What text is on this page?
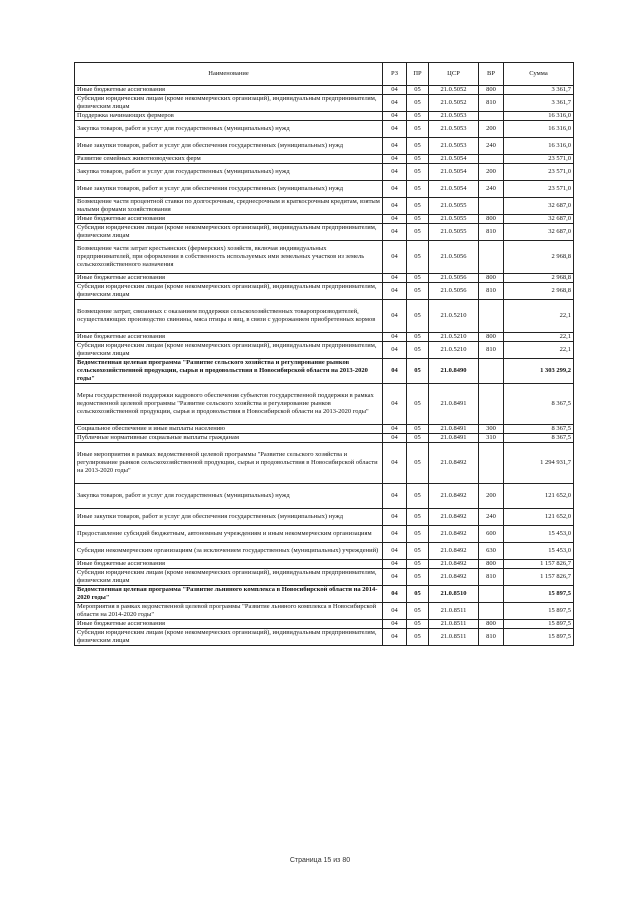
Наименование	РЗ	ПР	ЦСР	ВР	Сумма
Иные бюджетные ассигнования	04	05	21.0.5052	800	3 361,7
Субсидии юридическим лицам (кроме некоммерческих организаций), индивидуальным предпринимателям, физическим лицам	04	05	21.0.5052	810	3 361,7
Поддержка начинающих фермеров	04	05	21.0.5053		16 316,0
Закупка товаров, работ и услуг для государственных (муниципальных) нужд	04	05	21.0.5053	200	16 316,0
Иные закупки товаров, работ и услуг для обеспечения государственных (муниципальных) нужд	04	05	21.0.5053	240	16 316,0
Развитие семейных животноводческих ферм	04	05	21.0.5054		23 571,0
Закупка товаров, работ и услуг для государственных (муниципальных) нужд	04	05	21.0.5054	200	23 571,0
Иные закупки товаров, работ и услуг для обеспечения государственных (муниципальных) нужд	04	05	21.0.5054	240	23 571,0
Возмещение части процентной ставки по долгосрочным, среднесрочным и краткосрочным кредитам, взятым малыми формами хозяйствования	04	05	21.0.5055		32 687,0
Иные бюджетные ассигнования	04	05	21.0.5055	800	32 687,0
Субсидии юридическим лицам (кроме некоммерческих организаций), индивидуальным предпринимателям, физическим лицам	04	05	21.0.5055	810	32 687,0
Возмещение части затрат крестьянских (фермерских) хозяйств, включая индивидуальных предпринимателей, при оформлении в собственность используемых ими земельных участков из земель сельскохозяйственного назначения	04	05	21.0.5056		2 968,8
Иные бюджетные ассигнования	04	05	21.0.5056	800	2 968,8
Субсидии юридическим лицам (кроме некоммерческих организаций), индивидуальным предпринимателям, физическим лицам	04	05	21.0.5056	810	2 968,8
Возмещение затрат, связанных с оказанием поддержки сельскохозяйственных товаропроизводителей, осуществляющих производство свинины, мяса птицы и яиц, в связи с удорожанием приобретенных кормов	04	05	21.0.5210		22,1
Иные бюджетные ассигнования	04	05	21.0.5210	800	22,1
Субсидии юридическим лицам (кроме некоммерческих организаций), индивидуальным предпринимателям, физическим лицам	04	05	21.0.5210	810	22,1
Ведомственная целевая программа "Развитие сельского хозяйства и регулирование рынков сельскохозяйственной продукции, сырья и продовольствия в Новосибирской области на 2013-2020 годы"	04	05	21.0.8490		1 303 299,2
Меры государственной поддержки кадрового обеспечения субъектов государственной поддержки в рамках ведомственной целевой программы "Развитие сельского хозяйства и регулирование рынков сельскохозяйственной продукции, сырья и продовольствия в Новосибирской области на 2013-2020 годы"	04	05	21.0.8491		8 367,5
Социальное обеспечение и иные выплаты населению	04	05	21.0.8491	300	8 367,5
Публичные нормативные социальные выплаты гражданам	04	05	21.0.8491	310	8 367,5
Иные мероприятия в рамках ведомственной целевой программы "Развитие сельского хозяйства и регулирование рынков сельскохозяйственной продукции, сырья и продовольствия в Новосибирской области на 2013-2020 годы"	04	05	21.0.8492		1 294 931,7
Закупка товаров, работ и услуг для государственных (муниципальных) нужд	04	05	21.0.8492	200	121 652,0
Иные закупки товаров, работ и услуг для обеспечения государственных (муниципальных) нужд	04	05	21.0.8492	240	121 652,0
Предоставление субсидий бюджетным, автономным учреждениям и иным некоммерческим организациям	04	05	21.0.8492	600	15 453,0
Субсидии некоммерческим организациям (за исключением государственных (муниципальных) учреждений)	04	05	21.0.8492	630	15 453,0
Иные бюджетные ассигнования	04	05	21.0.8492	800	1 157 826,7
Субсидии юридическим лицам (кроме некоммерческих организаций), индивидуальным предпринимателям, физическим лицам	04	05	21.0.8492	810	1 157 826,7
Ведомственная целевая программа "Развитие льняного комплекса в Новосибирской области на 2014-2020 годы"	04	05	21.0.8510		15 897,5
Мероприятия в рамках ведомственной целевой программы "Развитие льняного комплекса в Новосибирской области на 2014-2020 годы"	04	05	21.0.8511		15 897,5
Иные бюджетные ассигнования	04	05	21.0.8511	800	15 897,5
Субсидии юридическим лицам (кроме некоммерческих организаций), индивидуальным предпринимателям, физическим лицам	04	05	21.0.8511	810	15 897,5
Страница 15 из 80
